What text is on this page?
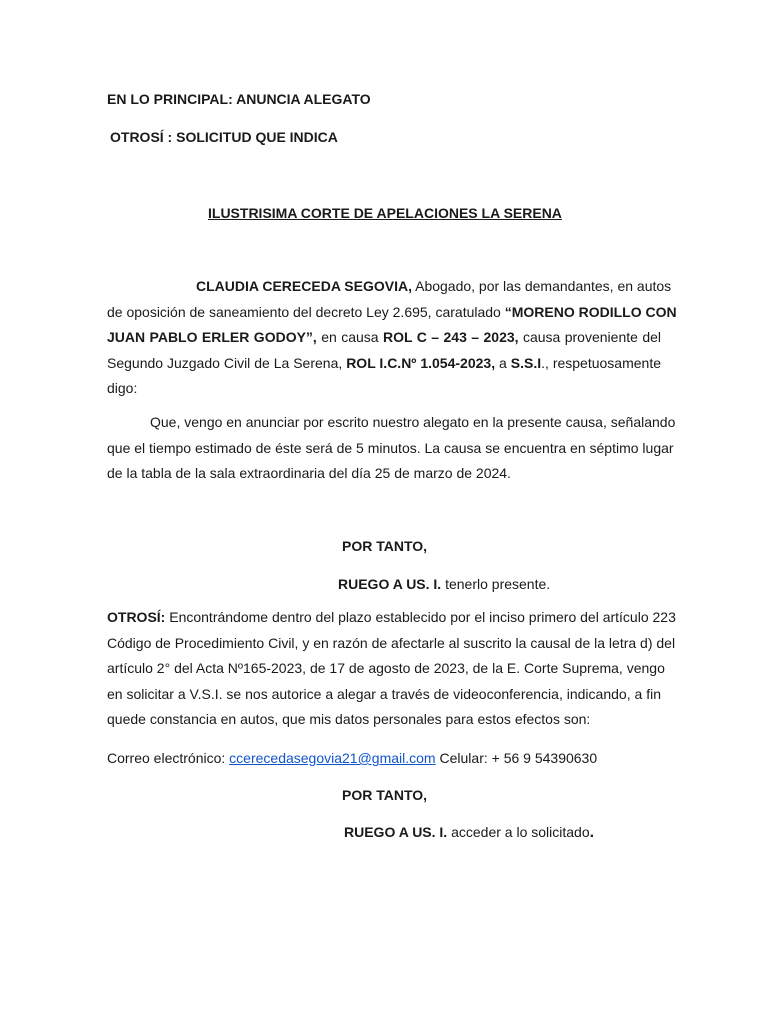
EN LO PRINCIPAL: ANUNCIA ALEGATO
OTROSÍ : SOLICITUD QUE INDICA
ILUSTRISIMA CORTE DE APELACIONES LA SERENA
CLAUDIA CERECEDA SEGOVIA, Abogado, por las demandantes, en autos
de oposición de saneamiento del decreto Ley 2.695, caratulado “MORENO RODILLO CON
JUAN PABLO ERLER GODOY”, en causa ROL C – 243 – 2023, causa proveniente del
Segundo Juzgado Civil de La Serena, ROL I.C.Nº 1.054-2023, a S.S.I., respetuosamente
digo:
Que, vengo en anunciar por escrito nuestro alegato en la presente causa, señalando
que el tiempo estimado de éste será de 5 minutos. La causa se encuentra en séptimo lugar
de la tabla de la sala extraordinaria del día 25 de marzo de 2024.
POR TANTO,
RUEGO A US. I. tenerlo presente.
OTROSÍ: Encontrándome dentro del plazo establecido por el inciso primero del artículo 223
Código de Procedimiento Civil, y en razón de afectarle al suscrito la causal de la letra d) del
artículo 2° del Acta Nº165-2023, de 17 de agosto de 2023, de la E. Corte Suprema, vengo
en solicitar a V.S.I. se nos autorice a alegar a través de videoconferencia, indicando, a fin
quede constancia en autos, que mis datos personales para estos efectos son:
Correo electrónico: ccerecedasegovia21@gmail.com Celular: + 56 9 54390630
POR TANTO,
RUEGO A US. I. acceder a lo solicitado.
